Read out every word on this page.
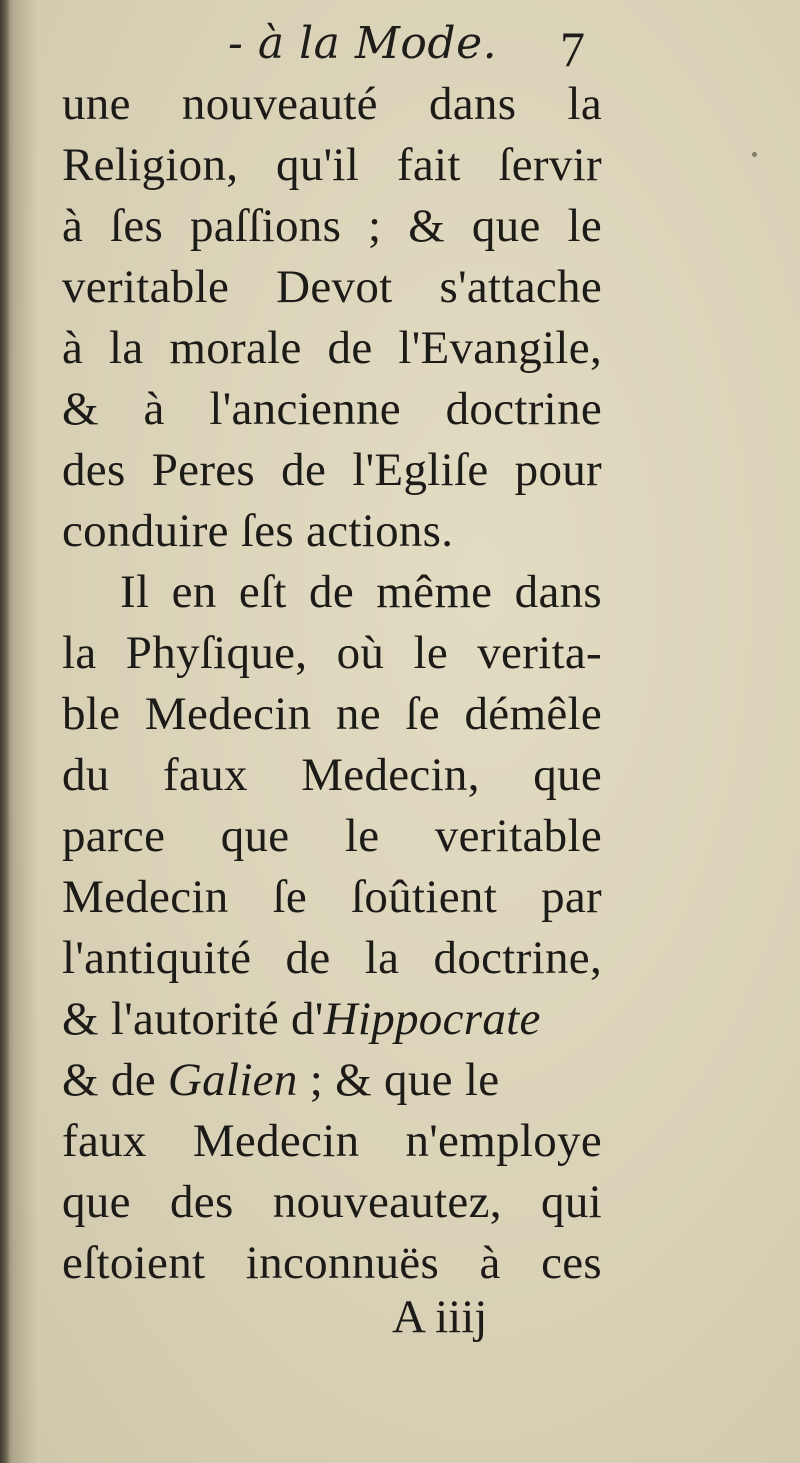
- à la Mode. 7
une nouveauté dans la
Religion, qu'il fait ſervir
à ſes paſſions ; & que le
veritable Devot s'attache
à la morale de l'Evangile,
& à l'ancienne doctrine
des Peres de l'Egliſe pour
conduire ſes actions.
Il en eſt de même dans
la Phyſique, où le verita-
ble Medecin ne ſe démêle
du faux Medecin, que
parce que le veritable
Medecin ſe ſoûtient par
l'antiquité de la doctrine,
& l'autorité d'Hippocrate
& de Galien ; & que le
faux Medecin n'employe
que des nouveautez, qui
eſtoient inconnuës à ces
A iiij
